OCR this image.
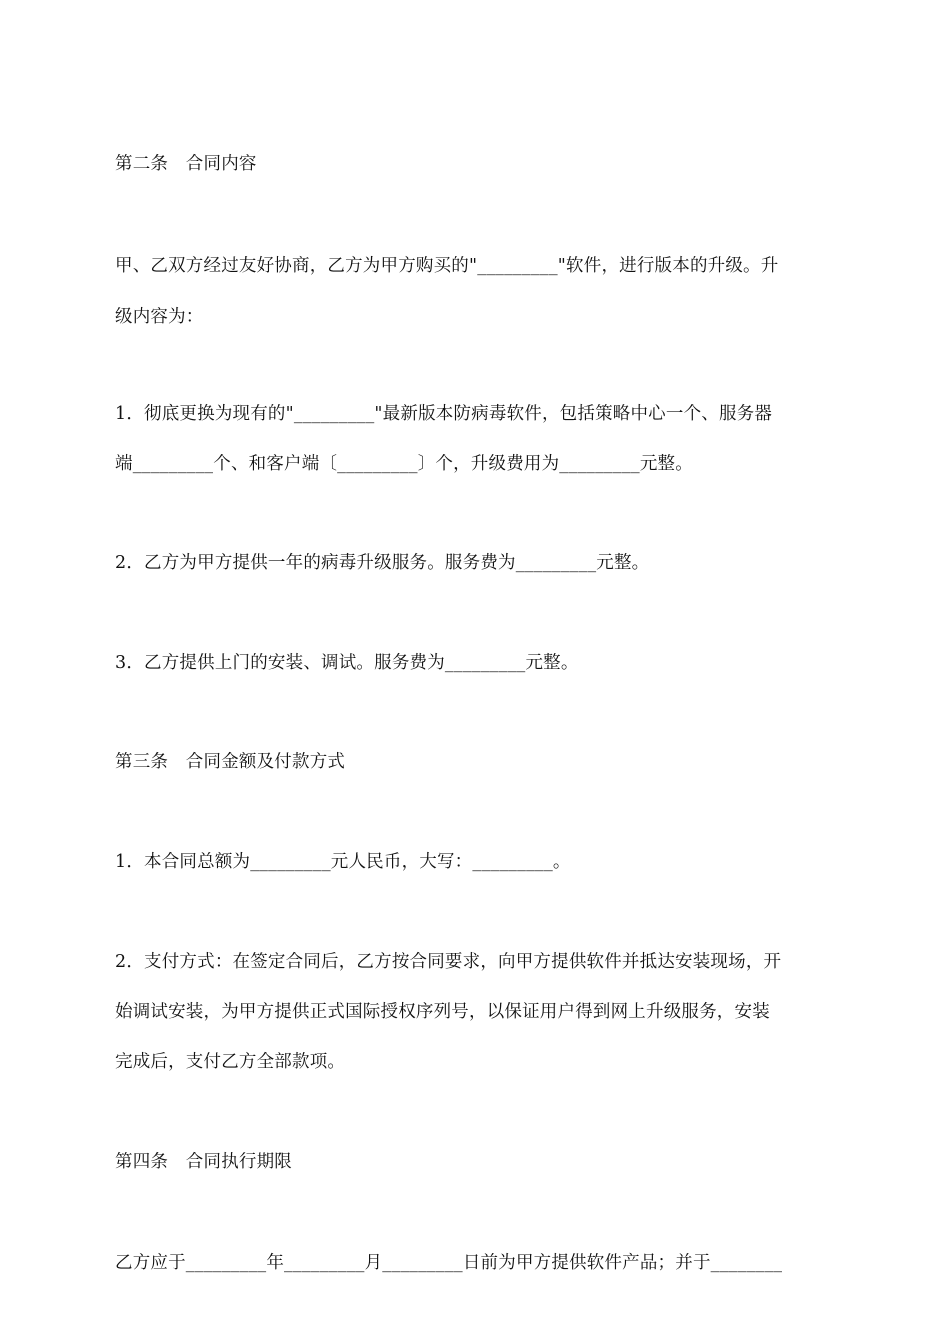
第二条　合同内容
甲、乙双方经过友好协商，乙方为甲方购买的"_________"软件，进行版本的升级。升
级内容为：
1．彻底更换为现有的"_________"最新版本防病毒软件，包括策略中心一个、服务器
端_________个、和客户端〔_________〕个，升级费用为_________元整。
2．乙方为甲方提供一年的病毒升级服务。服务费为_________元整。
3．乙方提供上门的安装、调试。服务费为_________元整。
第三条　合同金额及付款方式
1．本合同总额为_________元人民币，大写：_________。
2．支付方式：在签定合同后，乙方按合同要求，向甲方提供软件并抵达安装现场，开
始调试安装，为甲方提供正式国际授权序列号，以保证用户得到网上升级服务，安装
完成后，支付乙方全部款项。
第四条　合同执行期限
乙方应于_________年_________月_________日前为甲方提供软件产品；并于________
